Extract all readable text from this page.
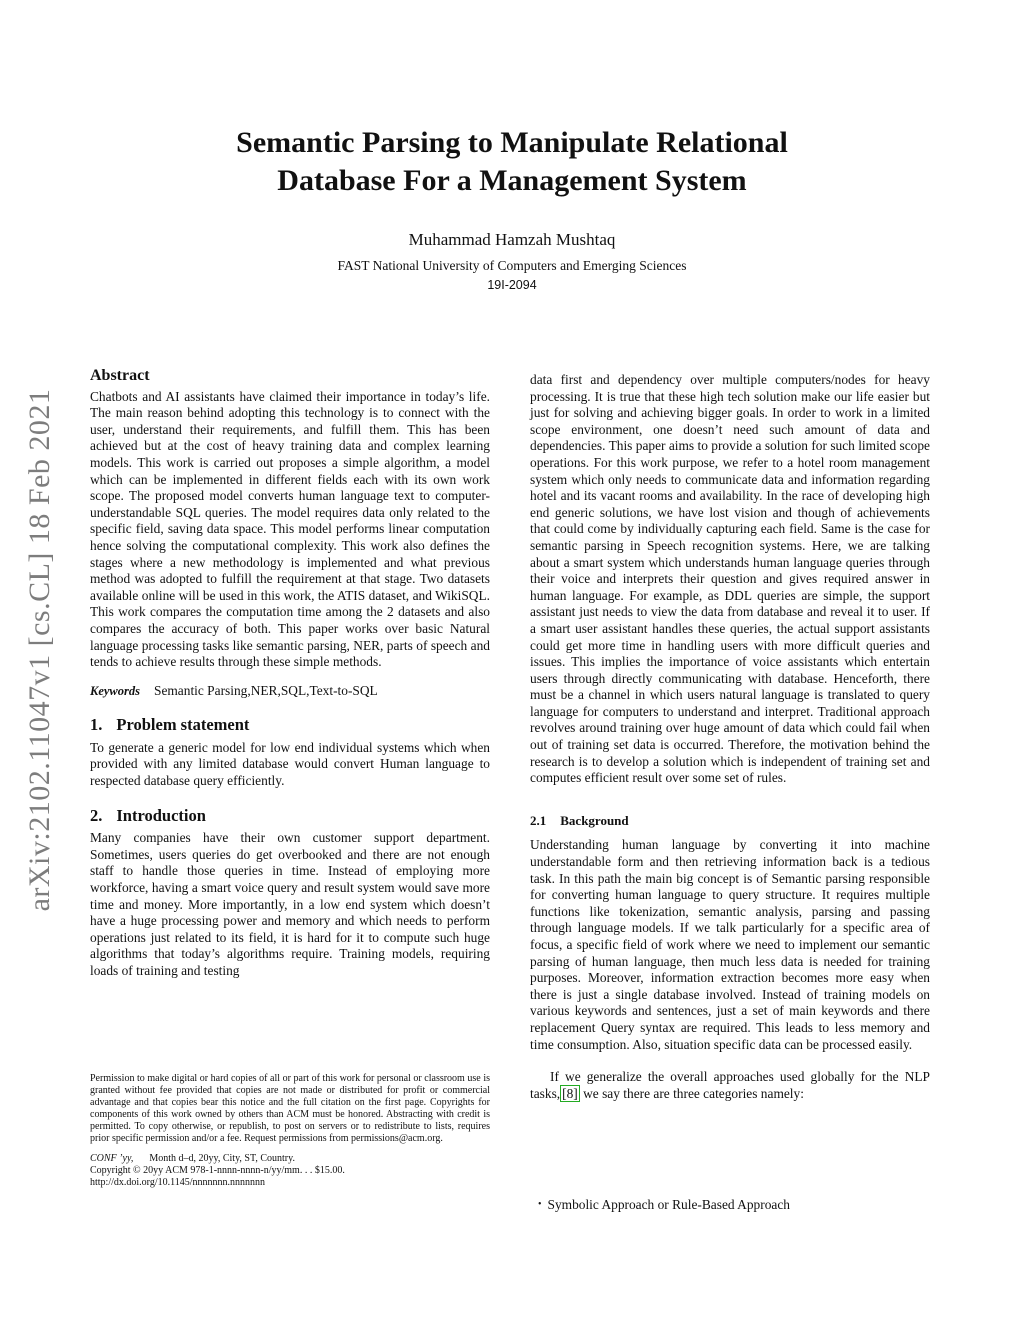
arXiv:2102.11047v1 [cs.CL] 18 Feb 2021
Semantic Parsing to Manipulate Relational
Database For a Management System
Muhammad Hamzah Mushtaq
FAST National University of Computers and Emerging Sciences
19I-2094
Abstract

Chatbots and AI assistants have claimed their importance in today’s life. The main reason behind adopting this technology is to connect with the user, understand their requirements, and fulfill them. This has been achieved but at the cost of heavy training data and complex learning models. This work is carried out proposes a simple algorithm, a model which can be implemented in different fields each with its own work scope. The proposed model converts human language text to computer-understandable SQL queries. The model requires data only related to the specific field, saving data space. This model performs linear computation hence solving the computational complexity. This work also defines the stages where a new methodology is implemented and what previous method was adopted to fulfill the requirement at that stage. Two datasets available online will be used in this work, the ATIS dataset, and WikiSQL. This work compares the computation time among the 2 datasets and also compares the accuracy of both. This paper works over basic Natural language processing tasks like semantic parsing, NER, parts of speech and tends to achieve results through these simple methods.

Keywords Semantic Parsing,NER,SQL,Text-to-SQL

1. Problem statement

To generate a generic model for low end individual systems which when provided with any limited database would convert Human language to respected database query efficiently.

2. Introduction

Many companies have their own customer support department. Sometimes, users queries do get overbooked and there are not enough staff to handle those queries in time. Instead of employing more workforce, having a smart voice query and result system would save more time and money. More importantly, in a low end system which doesn’t have a huge processing power and memory and which needs to perform operations just related to its field, it is hard for it to compute such huge algorithms that today’s algorithms require. Training models, requiring loads of training and testing

data first and dependency over multiple computers/nodes for heavy processing. It is true that these high tech solution make our life easier but just for solving and achieving bigger goals. In order to work in a limited scope environment, one doesn’t need such amount of data and dependencies. This paper aims to provide a solution for such limited scope operations. For this work purpose, we refer to a hotel room management system which only needs to communicate data and information regarding hotel and its vacant rooms and availability. In the race of developing high end generic solutions, we have lost vision and though of achievements that could come by individually capturing each field. Same is the case for semantic parsing in Speech recognition systems. Here, we are talking about a smart system which understands human language queries through their voice and interprets their question and gives required answer in human language. For example, as DDL queries are simple, the support assistant just needs to view the data from database and reveal it to user. If a smart user assistant handles these queries, the actual support assistants could get more time in handling users with more difficult queries and issues. This implies the importance of voice assistants which entertain users through directly communicating with database. Henceforth, there must be a channel in which users natural language is translated to query language for computers to understand and interpret. Traditional approach revolves around training over huge amount of data which could fail when out of training set data is occurred. Therefore, the motivation behind the research is to develop a solution which is independent of training set and computes efficient result over some set of rules.

2.1 Background

Understanding human language by converting it into machine understandable form and then retrieving information back is a tedious task. In this path the main big concept is of Semantic parsing responsible for converting human language to query structure. It requires multiple functions like tokenization, semantic analysis, parsing and passing through language models. If we talk particularly for a specific area of focus, a specific field of work where we need to implement our semantic parsing of human language, then much less data is needed for training purposes. Moreover, information extraction becomes more easy when there is just a single database involved. Instead of training models on various keywords and sentences, just a set of main keywords and there replacement Query syntax are required. This leads to less memory and time consumption. Also, situation specific data can be processed easily.

If we generalize the overall approaches used globally for the NLP tasks, [8] we say there are three categories namely:

• Symbolic Approach or Rule-Based Approach

Permission to make digital or hard copies of all or part of this work for personal or classroom use is granted without fee provided that copies are not made or distributed for profit or commercial advantage and that copies bear this notice and the full citation on the first page. Copyrights for components of this work owned by others than ACM must be honored. Abstracting with credit is permitted. To copy otherwise, or republish, to post on servers or to redistribute to lists, requires prior specific permission and/or a fee. Request permissions from permissions@acm.org.

CONF ’yy, Month d–d, 20yy, City, ST, Country.

Copyright © 20yy ACM 978-1-nnnn-nnnn-n/yy/mm. . . $15.00.

http://dx.doi.org/10.1145/nnnnnnn.nnnnnnn
